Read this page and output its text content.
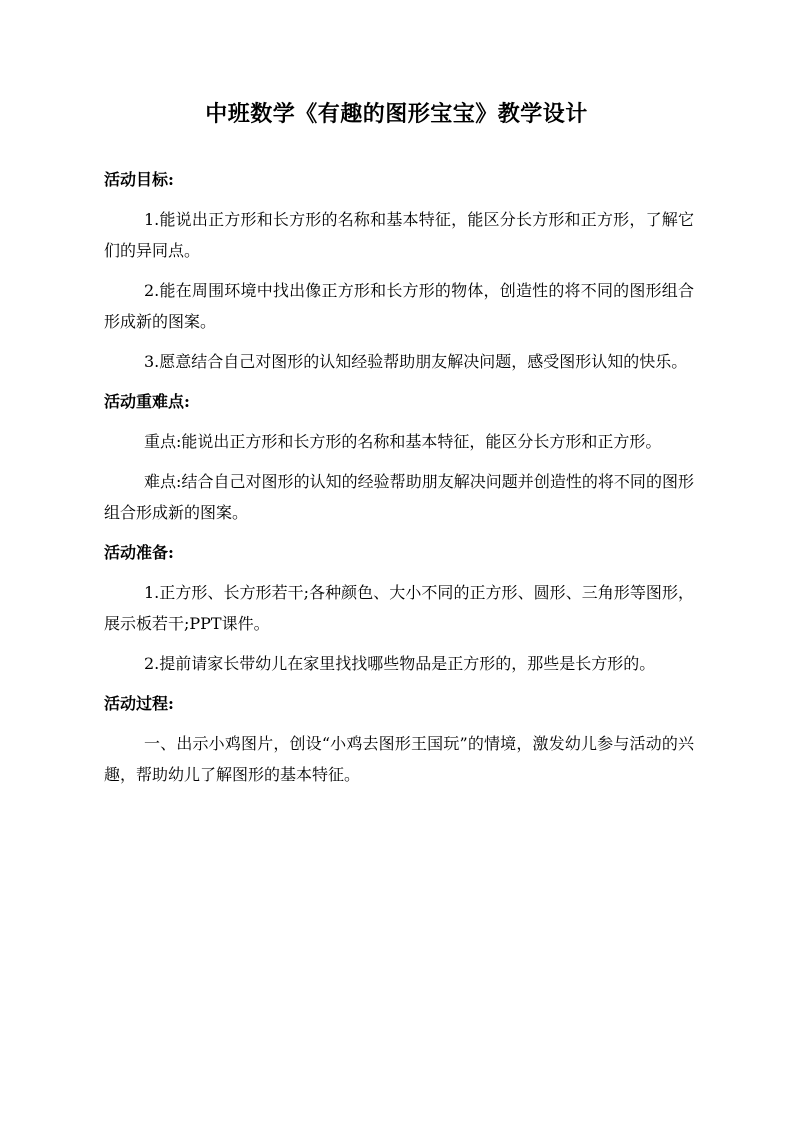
中班数学《有趣的图形宝宝》教学设计
活动目标:

1.能说出正方形和长方形的名称和基本特征，能区分长方形和正方形，了解它们的异同点。

2.能在周围环境中找出像正方形和长方形的物体，创造性的将不同的图形组合形成新的图案。

3.愿意结合自己对图形的认知经验帮助朋友解决问题，感受图形认知的快乐。

活动重难点:

重点:能说出正方形和长方形的名称和基本特征，能区分长方形和正方形。

难点:结合自己对图形的认知的经验帮助朋友解决问题并创造性的将不同的图形组合形成新的图案。

活动准备:

1.正方形、长方形若干;各种颜色、大小不同的正方形、圆形、三角形等图形，展示板若干;PPT课件。

2.提前请家长带幼儿在家里找找哪些物品是正方形的，那些是长方形的。

活动过程:

一、出示小鸡图片，创设“小鸡去图形王国玩”的情境，激发幼儿参与活动的兴趣，帮助幼儿了解图形的基本特征。
